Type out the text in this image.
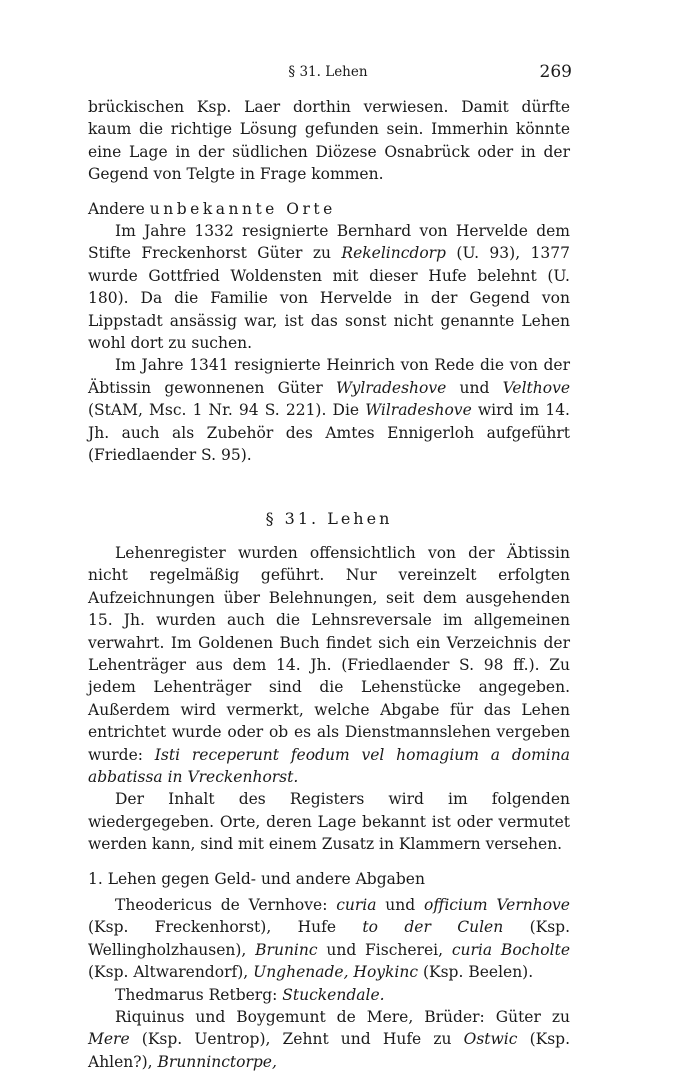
§ 31. Lehen	269

brückischen Ksp. Laer dorthin verwiesen. Damit dürfte kaum die richtige Lösung gefunden sein. Immerhin könnte eine Lage in der südlichen Diözese Osnabrück oder in der Gegend von Telgte in Frage kommen.

Andere unbekannte Orte

Im Jahre 1332 resignierte Bernhard von Hervelde dem Stifte Freckenhorst Güter zu Rekelincdorp (U. 93), 1377 wurde Gottfried Woldensten mit dieser Hufe belehnt (U. 180). Da die Familie von Hervelde in der Gegend von Lippstadt ansässig war, ist das sonst nicht genannte Lehen wohl dort zu suchen.

Im Jahre 1341 resignierte Heinrich von Rede die von der Äbtissin gewonnenen Güter Wylradeshove und Velthove (StAM, Msc. 1 Nr. 94 S. 221). Die Wilradeshove wird im 14. Jh. auch als Zubehör des Amtes Ennigerloh aufgeführt (Friedlaender S. 95).

§ 31. Lehen

Lehenregister wurden offensichtlich von der Äbtissin nicht regelmäßig geführt. Nur vereinzelt erfolgten Aufzeichnungen über Belehnungen, seit dem ausgehenden 15. Jh. wurden auch die Lehnsreversale im allgemeinen verwahrt. Im Goldenen Buch findet sich ein Verzeichnis der Lehenträger aus dem 14. Jh. (Friedlaender S. 98 ff.). Zu jedem Lehenträger sind die Lehenstücke angegeben. Außerdem wird vermerkt, welche Abgabe für das Lehen entrichtet wurde oder ob es als Dienstmannslehen vergeben wurde: Isti receperunt feodum vel homagium a domina abbatissa in Vreckenhorst.

Der Inhalt des Registers wird im folgenden wiedergegeben. Orte, deren Lage bekannt ist oder vermutet werden kann, sind mit einem Zusatz in Klammern versehen.

1. Lehen gegen Geld- und andere Abgaben

Theodericus de Vernhove: curia und officium Vernhove (Ksp. Freckenhorst), Hufe to der Culen (Ksp. Wellingholzhausen), Bruninc und Fischerei, curia Bocholte (Ksp. Altwarendorf), Unghenade, Hoykinc (Ksp. Beelen).

Thedmarus Retberg: Stuckendale.

Riquinus und Boygemunt de Mere, Brüder: Güter zu Mere (Ksp. Uentrop), Zehnt und Hufe zu Ostwic (Ksp. Ahlen?), Brunninctorpe,
